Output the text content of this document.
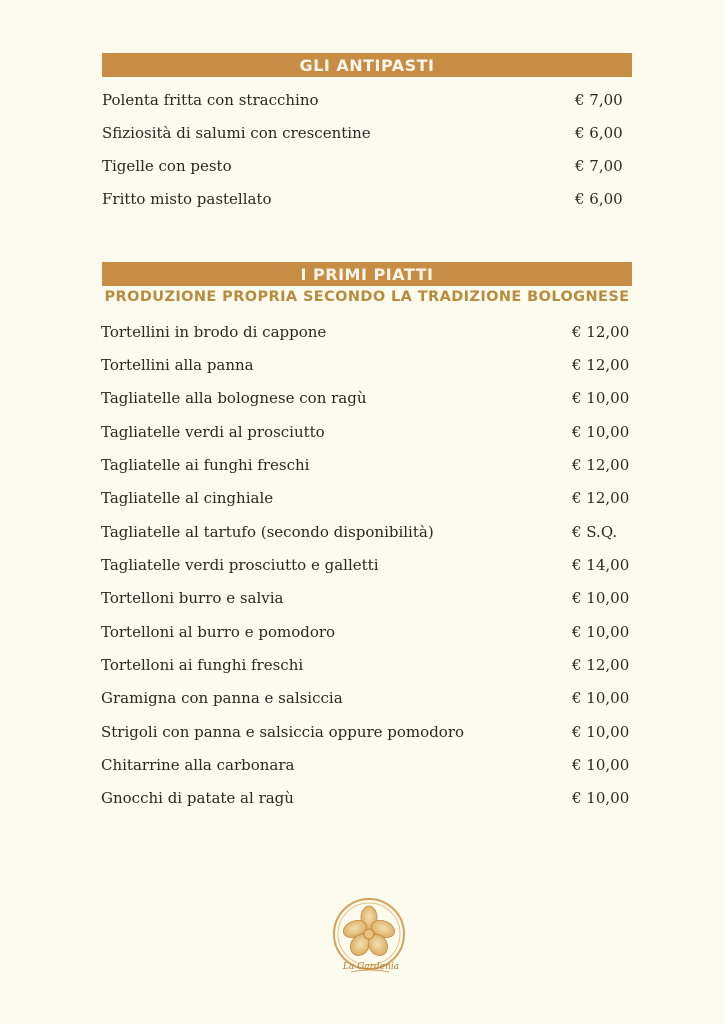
GLI ANTIPASTI
Polenta fritta con stracchino	€ 7,00
Sfiziosità di salumi con crescentine	€ 6,00
Tigelle con pesto	€ 7,00
Fritto misto pastellato	€ 6,00
I PRIMI PIATTI
PRODUZIONE PROPRIA SECONDO LA TRADIZIONE BOLOGNESE
Tortellini in brodo di cappone	€ 12,00
Tortellini alla panna	€ 12,00
Tagliatelle alla bolognese con ragù	€ 10,00
Tagliatelle verdi al prosciutto	€ 10,00
Tagliatelle ai funghi freschi	€ 12,00
Tagliatelle al cinghiale	€ 12,00
Tagliatelle al tartufo (secondo disponibilità)	€ S.Q.
Tagliatelle verdi prosciutto e galletti	€ 14,00
Tortelloni burro e salvia	€ 10,00
Tortelloni al burro e pomodoro	€ 10,00
Tortelloni ai funghi freschi	€ 12,00
Gramigna con panna e salsiccia	€ 10,00
Strigoli con panna e salsiccia oppure pomodoro	€ 10,00
Chitarrine alla carbonara	€ 10,00
Gnocchi di patate al ragù	€ 10,00
La Gardenia
